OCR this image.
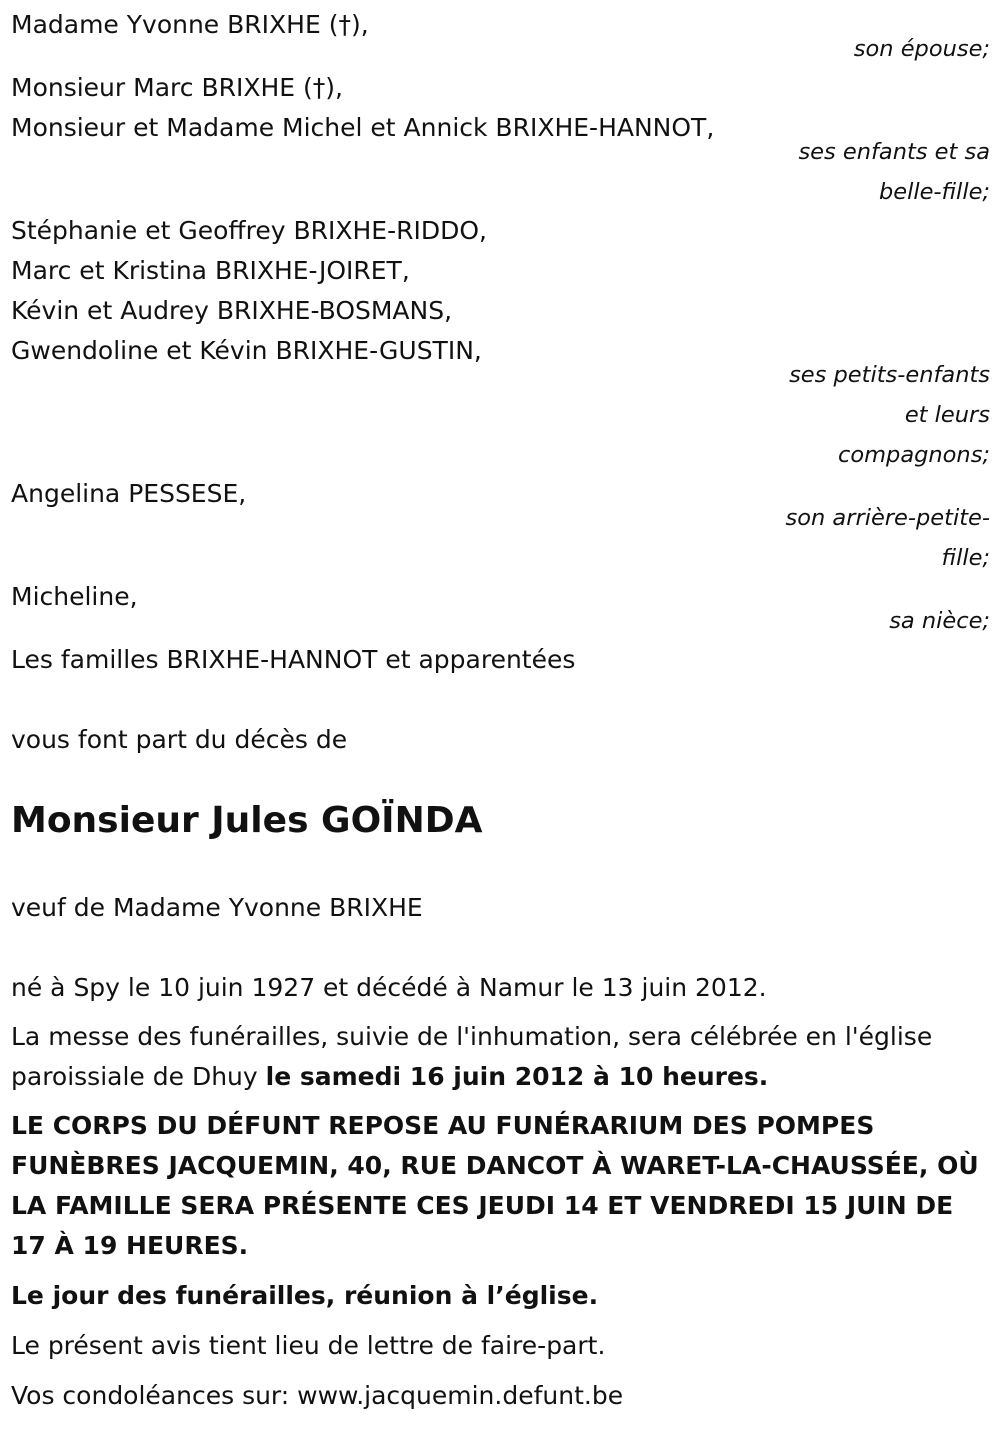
Madame Yvonne BRIXHE (†),

son épouse;

Monsieur Marc BRIXHE (†),

Monsieur et Madame Michel et Annick BRIXHE-HANNOT,

ses enfants et sa
belle-fille;

Stéphanie et Geoffrey BRIXHE-RIDDO,

Marc et Kristina BRIXHE-JOIRET,

Kévin et Audrey BRIXHE-BOSMANS,

Gwendoline et Kévin BRIXHE-GUSTIN,

ses petits-enfants
et leurs
compagnons;

Angelina PESSESE,

son arrière-petite-
fille;

Micheline,

sa nièce;

Les familles BRIXHE-HANNOT et apparentées

vous font part du décès de

Monsieur Jules GOÏNDA

veuf de Madame Yvonne BRIXHE

né à Spy le 10 juin 1927 et décédé à Namur le 13 juin 2012.

La messe des funérailles, suivie de l'inhumation, sera célébrée en l'église paroissiale de Dhuy le samedi 16 juin 2012 à 10 heures.

LE CORPS DU DÉFUNT REPOSE AU FUNÉRARIUM DES POMPES FUNÈBRES JACQUEMIN, 40, RUE DANCOT À WARET-LA-CHAUSSÉE, OÙ LA FAMILLE SERA PRÉSENTE CES JEUDI 14 ET VENDREDI 15 JUIN DE 17 À 19 HEURES.

Le jour des funérailles, réunion à l’église.

Le présent avis tient lieu de lettre de faire-part.

Vos condoléances sur: www.jacquemin.defunt.be
